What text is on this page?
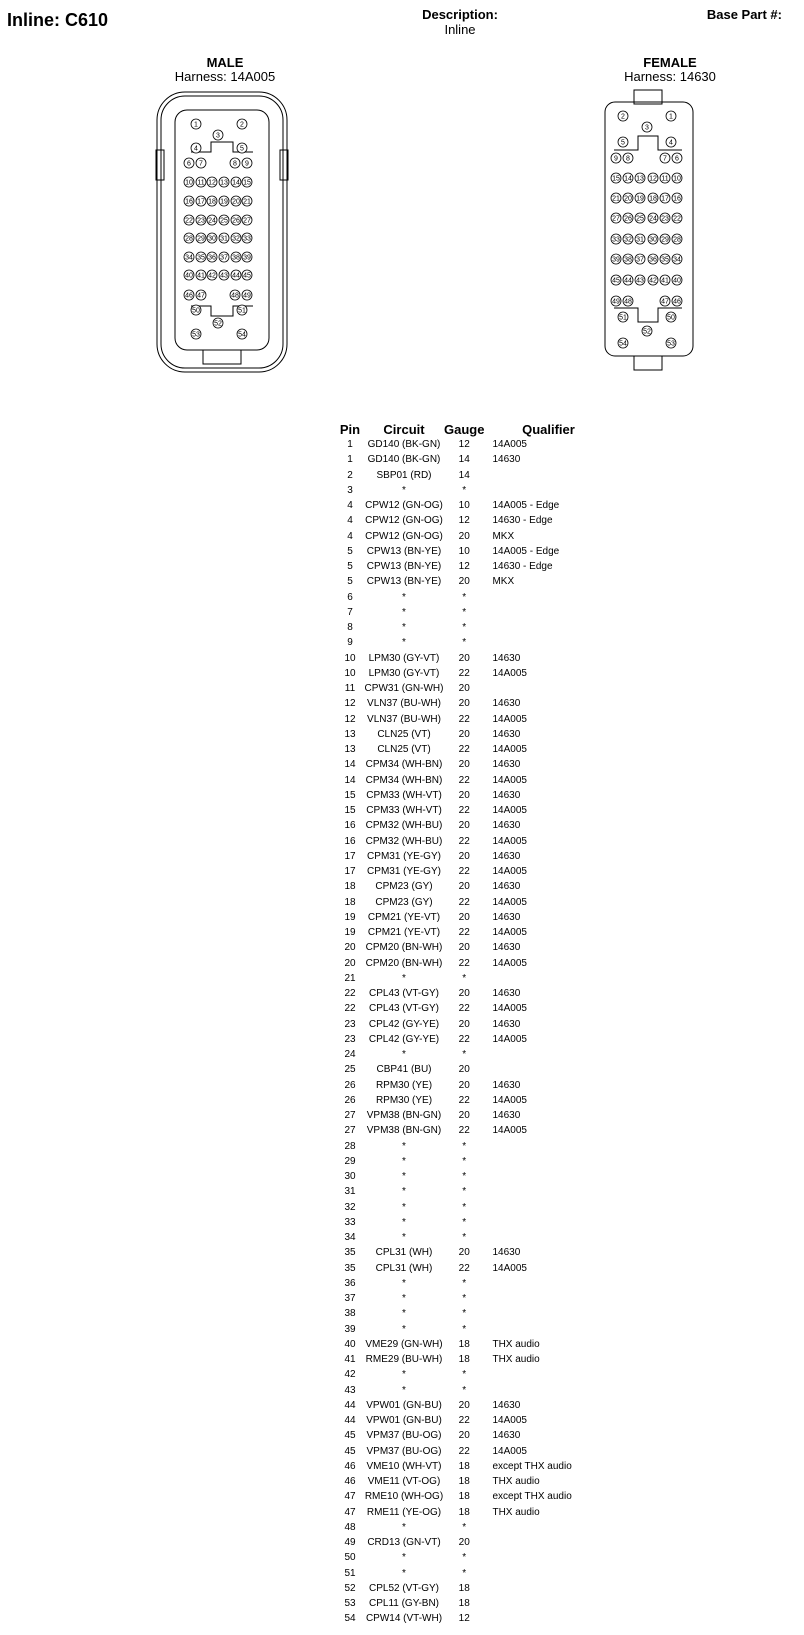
Inline: C610	Description:
Inline
Base Part #:
MALE
Harness: 14A005
FEMALE
Harness: 14630
1	2
3
4	5
6 7	8 9
10 11 12 13 14 15
16 17 18 19 20 21
22 23 24 25 26 27
28 29 30 31 32 33
34 35 36 37 38 39
40 41 42 43 44 45
46 47	48 49
50	51
52
53	54
2	1
3
5	4
9 8	7 6
15 14 13 12 11 10
21 20 19 18 17 16
27 26 25 24 23 22
33 32 31 30 29 28
39 38 37 36 35 34
45 44 43 42 41 40
49 48	47 46
51	50
52
54	53
Pin	Circuit	Gauge	Qualifier
1	GD140 (BK-GN)	12	14A005
1	GD140 (BK-GN)	14	14630
2	SBP01 (RD)	14	
3	*	*	
4	CPW12 (GN-OG)	10	14A005 - Edge
4	CPW12 (GN-OG)	12	14630 - Edge
4	CPW12 (GN-OG)	20	MKX
5	CPW13 (BN-YE)	10	14A005 - Edge
5	CPW13 (BN-YE)	12	14630 - Edge
5	CPW13 (BN-YE)	20	MKX
6	*	*	
7	*	*	
8	*	*	
9	*	*	
10	LPM30 (GY-VT)	20	14630
10	LPM30 (GY-VT)	22	14A005
11	CPW31 (GN-WH)	20	
12	VLN37 (BU-WH)	20	14630
12	VLN37 (BU-WH)	22	14A005
13	CLN25 (VT)	20	14630
13	CLN25 (VT)	22	14A005
14	CPM34 (WH-BN)	20	14630
14	CPM34 (WH-BN)	22	14A005
15	CPM33 (WH-VT)	20	14630
15	CPM33 (WH-VT)	22	14A005
16	CPM32 (WH-BU)	20	14630
16	CPM32 (WH-BU)	22	14A005
17	CPM31 (YE-GY)	20	14630
17	CPM31 (YE-GY)	22	14A005
18	CPM23 (GY)	20	14630
18	CPM23 (GY)	22	14A005
19	CPM21 (YE-VT)	20	14630
19	CPM21 (YE-VT)	22	14A005
20	CPM20 (BN-WH)	20	14630
20	CPM20 (BN-WH)	22	14A005
21	*	*	
22	CPL43 (VT-GY)	20	14630
22	CPL43 (VT-GY)	22	14A005
23	CPL42 (GY-YE)	20	14630
23	CPL42 (GY-YE)	22	14A005
24	*	*	
25	CBP41 (BU)	20	
26	RPM30 (YE)	20	14630
26	RPM30 (YE)	22	14A005
27	VPM38 (BN-GN)	20	14630
27	VPM38 (BN-GN)	22	14A005
28	*	*	
29	*	*	
30	*	*	
31	*	*	
32	*	*	
33	*	*	
34	*	*	
35	CPL31 (WH)	20	14630
35	CPL31 (WH)	22	14A005
36	*	*	
37	*	*	
38	*	*	
39	*	*	
40	VME29 (GN-WH)	18	THX audio
41	RME29 (BU-WH)	18	THX audio
42	*	*	
43	*	*	
44	VPW01 (GN-BU)	20	14630
44	VPW01 (GN-BU)	22	14A005
45	VPM37 (BU-OG)	20	14630
45	VPM37 (BU-OG)	22	14A005
46	VME10 (WH-VT)	18	except THX audio
46	VME11 (VT-OG)	18	THX audio
47	RME10 (WH-OG)	18	except THX audio
47	RME11 (YE-OG)	18	THX audio
48	*	*	
49	CRD13 (GN-VT)	20	
50	*	*	
51	*	*	
52	CPL52 (VT-GY)	18	
53	CPL11 (GY-BN)	18	
54	CPW14 (VT-WH)	12	
